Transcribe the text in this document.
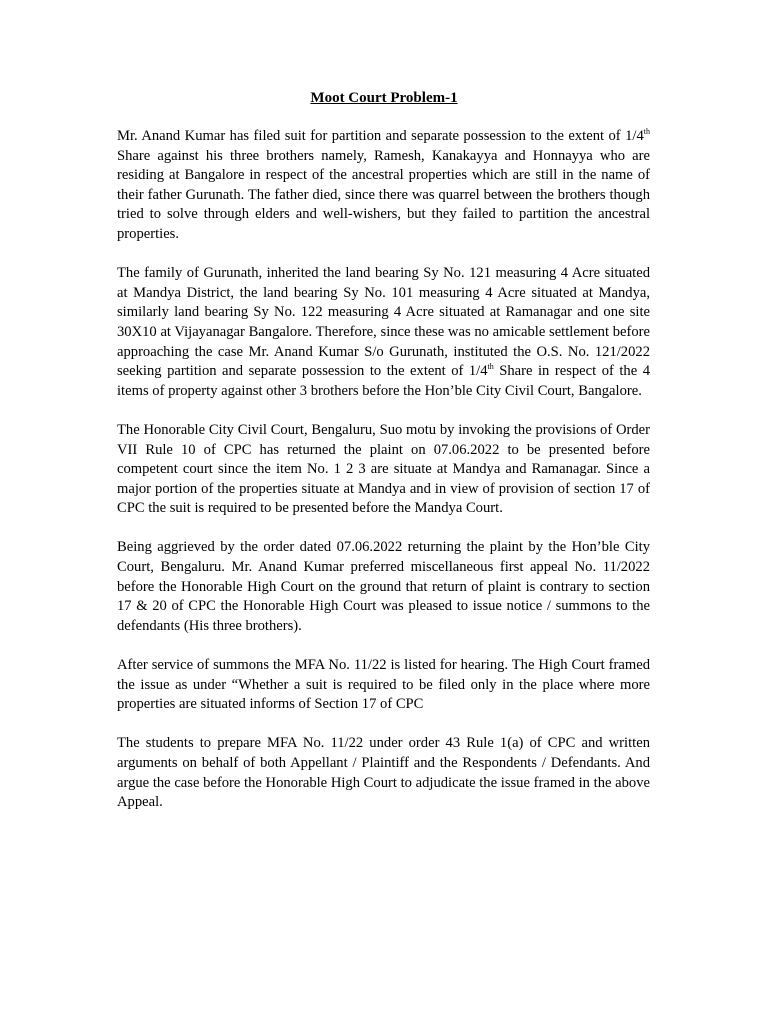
Moot Court Problem-1

Mr. Anand Kumar has filed suit for partition and separate possession to the extent of 1/4th Share against his three brothers namely, Ramesh, Kanakayya and Honnayya who are residing at Bangalore in respect of the ancestral properties which are still in the name of their father Gurunath. The father died, since there was quarrel between the brothers though tried to solve through elders and well-wishers, but they failed to partition the ancestral properties.

The family of Gurunath, inherited the land bearing Sy No. 121 measuring 4 Acre situated at Mandya District, the land bearing Sy No. 101 measuring 4 Acre situated at Mandya, similarly land bearing Sy No. 122 measuring 4 Acre situated at Ramanagar and one site 30X10 at Vijayanagar Bangalore. Therefore, since these was no amicable settlement before approaching the case Mr. Anand Kumar S/o Gurunath, instituted the O.S. No. 121/2022 seeking partition and separate possession to the extent of 1/4th Share in respect of the 4 items of property against other 3 brothers before the Hon’ble City Civil Court, Bangalore.

The Honorable City Civil Court, Bengaluru, Suo motu by invoking the provisions of Order VII Rule 10 of CPC has returned the plaint on 07.06.2022 to be presented before competent court since the item No. 1 2 3 are situate at Mandya and Ramanagar. Since a major portion of the properties situate at Mandya and in view of provision of section 17 of CPC the suit is required to be presented before the Mandya Court.

Being aggrieved by the order dated 07.06.2022 returning the plaint by the Hon’ble City Court, Bengaluru. Mr. Anand Kumar preferred miscellaneous first appeal No. 11/2022 before the Honorable High Court on the ground that return of plaint is contrary to section 17 & 20 of CPC the Honorable High Court was pleased to issue notice / summons to the defendants (His three brothers).

After service of summons the MFA No. 11/22 is listed for hearing. The High Court framed the issue as under “Whether a suit is required to be filed only in the place where more properties are situated informs of Section 17 of CPC

The students to prepare MFA No. 11/22 under order 43 Rule 1(a) of CPC and written arguments on behalf of both Appellant / Plaintiff and the Respondents / Defendants. And argue the case before the Honorable High Court to adjudicate the issue framed in the above Appeal.
